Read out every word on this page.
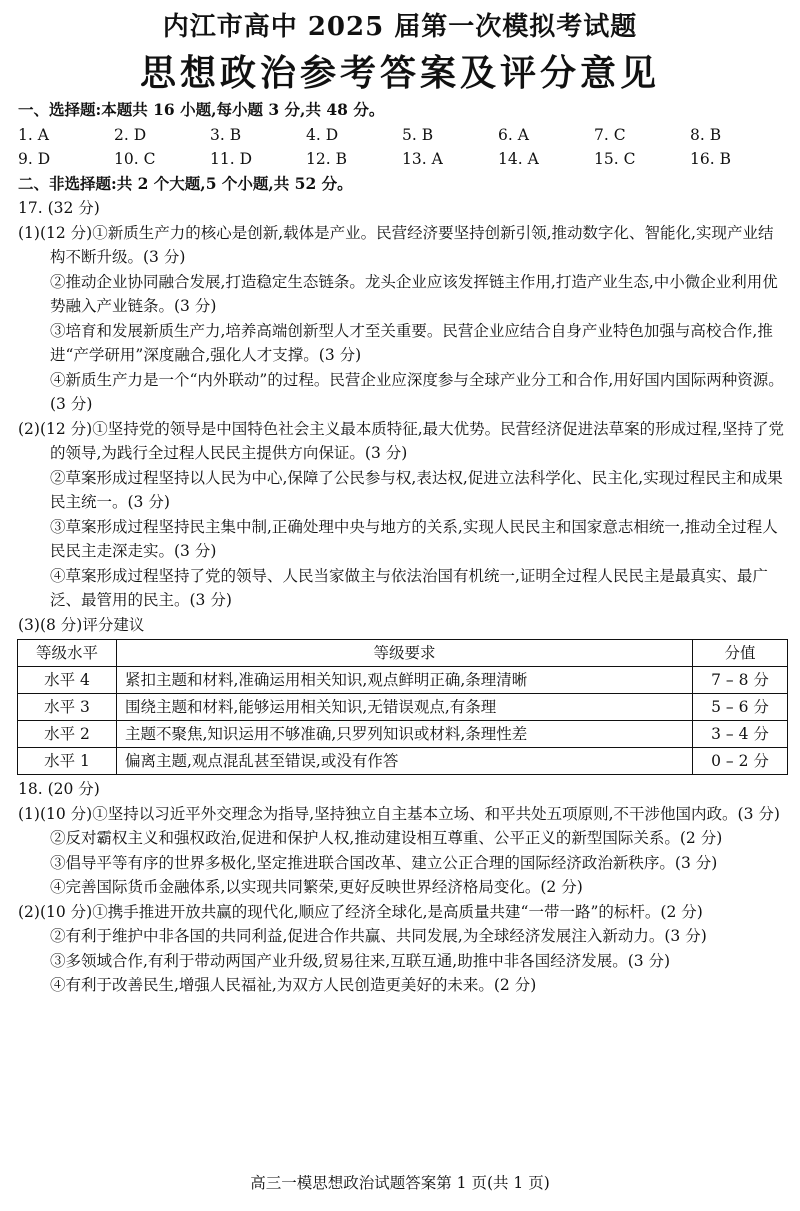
内江市高中 2025 届第一次模拟考试题
思想政治参考答案及评分意见
一、选择题:本题共 16 小题,每小题 3 分,共 48 分。
1. A	2. D	3. B	4. D	5. B	6. A	7. C	8. B
9. D	10. C	11. D	12. B	13. A	14. A	15. C	16. B
二、非选择题:共 2 个大题,5 个小题,共 52 分。
17. (32 分)
(1)(12 分)①新质生产力的核心是创新,载体是产业。民营经济要坚持创新引领,推动数字化、智能化,实现产业结构不断升级。(3 分)
②推动企业协同融合发展,打造稳定生态链条。龙头企业应该发挥链主作用,打造产业生态,中小微企业利用优势融入产业链条。(3 分)
③培育和发展新质生产力,培养高端创新型人才至关重要。民营企业应结合自身产业特色加强与高校合作,推进“产学研用”深度融合,强化人才支撑。(3 分)
④新质生产力是一个“内外联动”的过程。民营企业应深度参与全球产业分工和合作,用好国内国际两种资源。(3 分)
(2)(12 分)①坚持党的领导是中国特色社会主义最本质特征,最大优势。民营经济促进法草案的形成过程,坚持了党的领导,为践行全过程人民民主提供方向保证。(3 分)
②草案形成过程坚持以人民为中心,保障了公民参与权,表达权,促进立法科学化、民主化,实现过程民主和成果民主统一。(3 分)
③草案形成过程坚持民主集中制,正确处理中央与地方的关系,实现人民民主和国家意志相统一,推动全过程人民民主走深走实。(3 分)
④草案形成过程坚持了党的领导、人民当家做主与依法治国有机统一,证明全过程人民民主是最真实、最广泛、最管用的民主。(3 分)
(3)(8 分)评分建议
等级水平	等级要求	分值
水平 4	紧扣主题和材料,准确运用相关知识,观点鲜明正确,条理清晰	7 – 8 分
水平 3	围绕主题和材料,能够运用相关知识,无错误观点,有条理	5 – 6 分
水平 2	主题不聚焦,知识运用不够准确,只罗列知识或材料,条理性差	3 – 4 分
水平 1	偏离主题,观点混乱甚至错误,或没有作答	0 – 2 分
18. (20 分)
(1)(10 分)①坚持以习近平外交理念为指导,坚持独立自主基本立场、和平共处五项原则,不干涉他国内政。(3 分)
②反对霸权主义和强权政治,促进和保护人权,推动建设相互尊重、公平正义的新型国际关系。(2 分)
③倡导平等有序的世界多极化,坚定推进联合国改革、建立公正合理的国际经济政治新秩序。(3 分)
④完善国际货币金融体系,以实现共同繁荣,更好反映世界经济格局变化。(2 分)
(2)(10 分)①携手推进开放共赢的现代化,顺应了经济全球化,是高质量共建“一带一路”的标杆。(2 分)
②有利于维护中非各国的共同利益,促进合作共赢、共同发展,为全球经济发展注入新动力。(3 分)
③多领域合作,有利于带动两国产业升级,贸易往来,互联互通,助推中非各国经济发展。(3 分)
④有利于改善民生,增强人民福祉,为双方人民创造更美好的未来。(2 分)
高三一模思想政治试题答案第 1 页(共 1 页)
